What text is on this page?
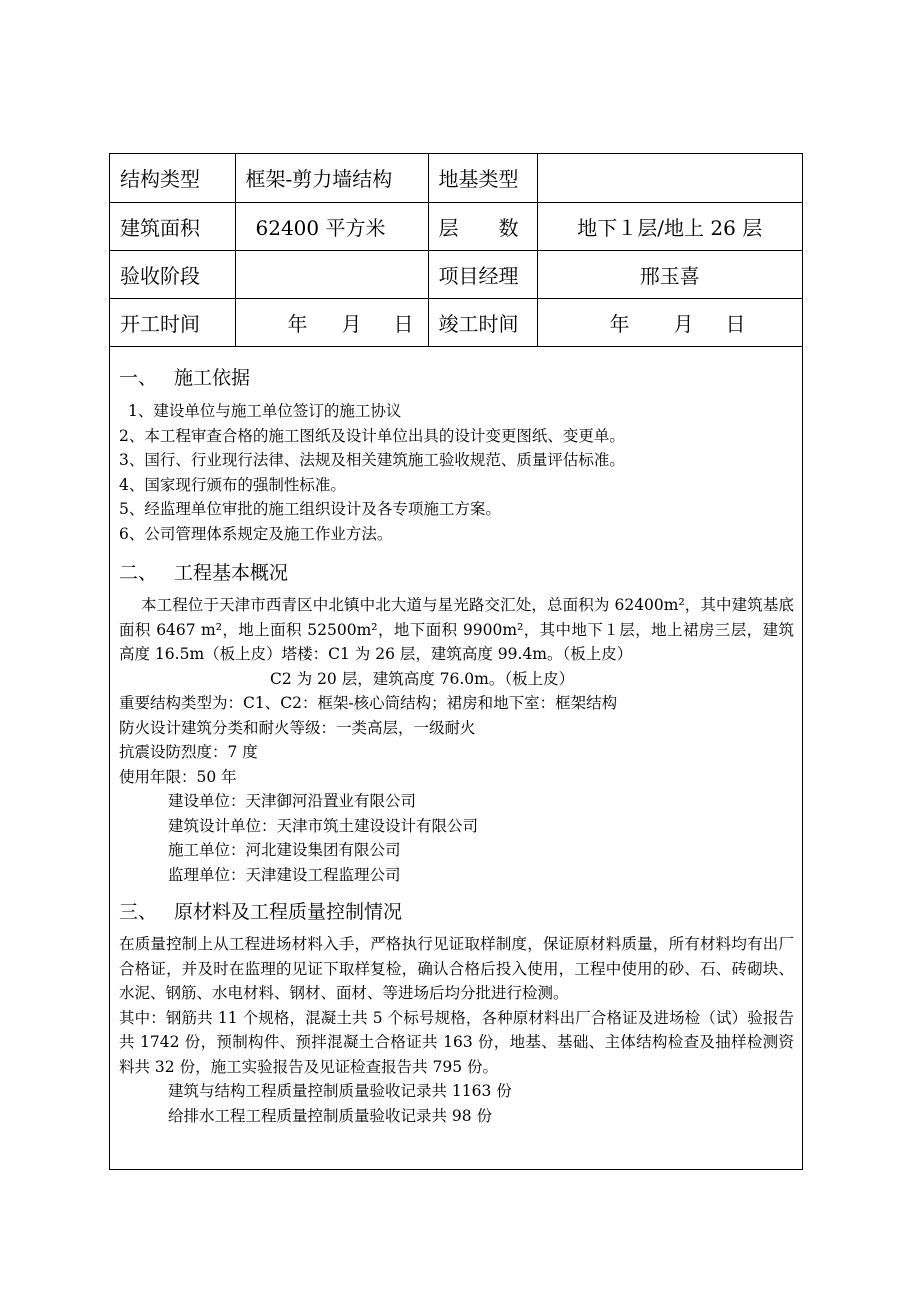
结构类型	框架-剪力墙结构	地基类型	
建筑面积	62400 平方米	层　　数	地下１层/地上 26 层
验收阶段		项目经理	邢玉喜
开工时间	年 月 日	竣工时间	年 月 日
一、 施工依据

1、建设单位与施工单位签订的施工协议

2、本工程审查合格的施工图纸及设计单位出具的设计变更图纸、变更单。

3、国行、行业现行法律、法规及相关建筑施工验收规范、质量评估标准。

4、国家现行颁布的强制性标准。

5、经监理单位审批的施工组织设计及各专项施工方案。

6、公司管理体系规定及施工作业方法。

二、 工程基本概况

本工程位于天津市西青区中北镇中北大道与星光路交汇处，总面积为 62400m²，其中建筑基底面积 6467 m²，地上面积 52500m²，地下面积 9900m²，其中地下１层，地上裙房三层，建筑高度 16.5m（板上皮）塔楼：C1 为 26 层，建筑高度 99.4m。（板上皮）

C2 为 20 层，建筑高度 76.0m。（板上皮）

重要结构类型为：C1、C2：框架-核心筒结构；裙房和地下室：框架结构

防火设计建筑分类和耐火等级：一类高层，一级耐火

抗震设防烈度：7 度

使用年限：50 年

建设单位：天津御河沿置业有限公司

建筑设计单位：天津市筑土建设设计有限公司

施工单位：河北建设集团有限公司

监理单位：天津建设工程监理公司

三、 原材料及工程质量控制情况

在质量控制上从工程进场材料入手，严格执行见证取样制度，保证原材料质量，所有材料均有出厂合格证，并及时在监理的见证下取样复检，确认合格后投入使用，工程中使用的砂、石、砖砌块、水泥、钢筋、水电材料、钢材、面材、等进场后均分批进行检测。

其中：钢筋共 11 个规格，混凝土共 5 个标号规格，各种原材料出厂合格证及进场检（试）验报告共 1742 份，预制构件、预拌混凝土合格证共 163 份，地基、基础、主体结构检查及抽样检测资料共 32 份，施工实验报告及见证检查报告共 795 份。

建筑与结构工程质量控制质量验收记录共 1163 份

给排水工程工程质量控制质量验收记录共 98 份
